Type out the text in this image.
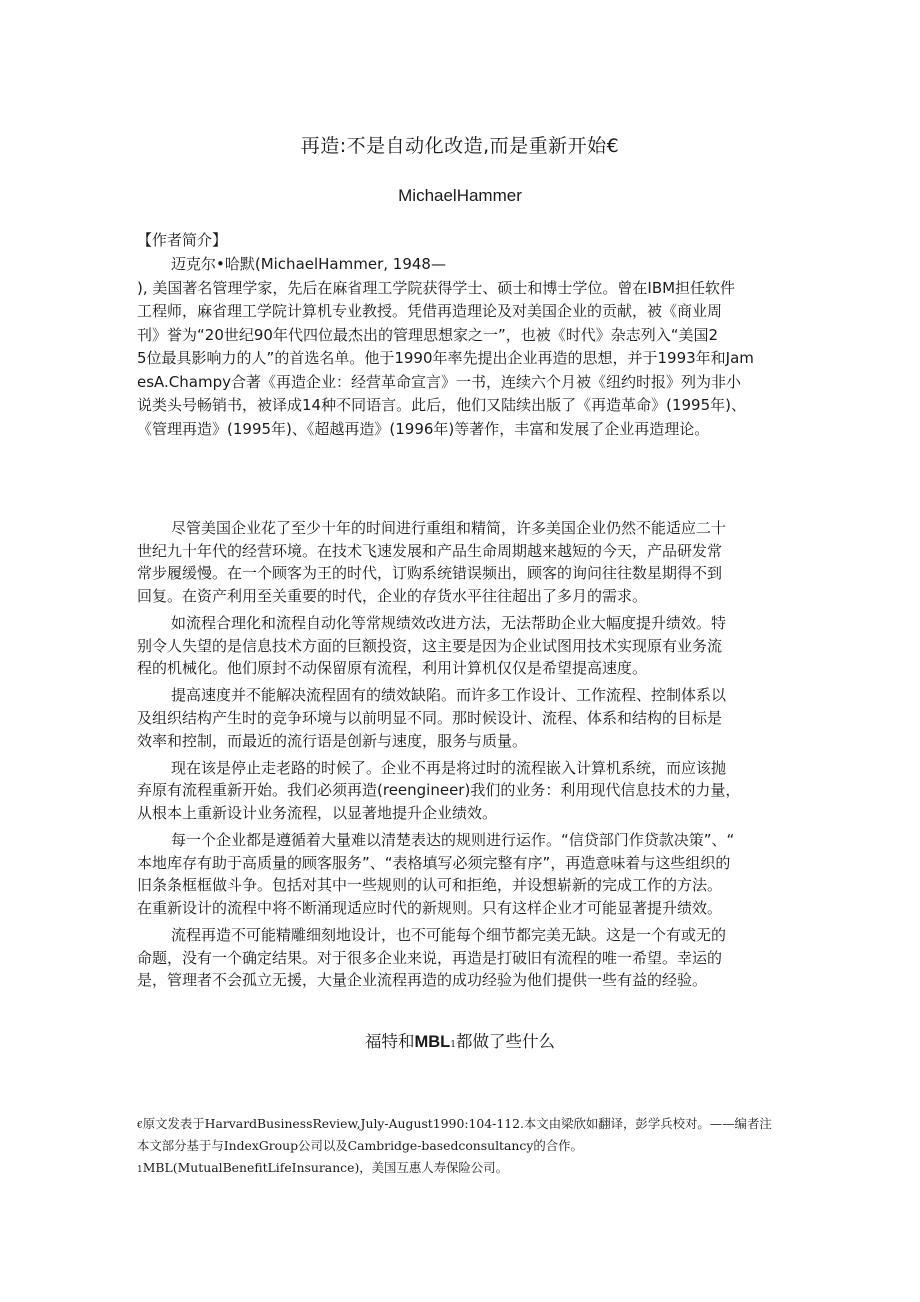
再造:不是自动化改造,而是重新开始€
MichaelHammer
【作者简介】
迈克尔•哈默(MichaelHammer, 1948—
), 美国著名管理学家，先后在麻省理工学院获得学士、硕士和博士学位。曾在IBM担任软件
工程师，麻省理工学院计算机专业教授。凭借再造理论及对美国企业的贡献，被《商业周
刊》誉为“20世纪90年代四位最杰出的管理思想家之一”，也被《时代》杂志列入“美国2
5位最具影响力的人”的首选名单。他于1990年率先提出企业再造的思想，并于1993年和Jam
esA.Champy合著《再造企业：经营革命宣言》一书，连续六个月被《纽约时报》列为非小
说类头号畅销书，被译成14种不同语言。此后，他们又陆续出版了《再造革命》(1995年)、
《管理再造》(1995年)、《超越再造》(1996年)等著作，丰富和发展了企业再造理论。
尽管美国企业花了至少十年的时间进行重组和精简，许多美国企业仍然不能适应二十
世纪九十年代的经营环境。在技术飞速发展和产品生命周期越来越短的今天，产品研发常
常步履缓慢。在一个顾客为王的时代，订购系统错误频出，顾客的询问往往数星期得不到
回复。在资产利用至关重要的时代，企业的存货水平往往超出了多月的需求。
如流程合理化和流程自动化等常规绩效改进方法，无法帮助企业大幅度提升绩效。特
别令人失望的是信息技术方面的巨额投资，这主要是因为企业试图用技术实现原有业务流
程的机械化。他们原封不动保留原有流程，利用计算机仅仅是希望提高速度。
提高速度并不能解决流程固有的绩效缺陷。而许多工作设计、工作流程、控制体系以
及组织结构产生时的竞争环境与以前明显不同。那时候设计、流程、体系和结构的目标是
效率和控制，而最近的流行语是创新与速度，服务与质量。
现在该是停止走老路的时候了。企业不再是将过时的流程嵌入计算机系统，而应该抛
弃原有流程重新开始。我们必须再造(reengineer)我们的业务：利用现代信息技术的力量，
从根本上重新设计业务流程，以显著地提升企业绩效。
每一个企业都是遵循着大量难以清楚表达的规则进行运作。“信贷部门作贷款决策”、“
本地库存有助于高质量的顾客服务”、“表格填写必须完整有序”，再造意味着与这些组织的
旧条条框框做斗争。包括对其中一些规则的认可和拒绝，并设想崭新的完成工作的方法。
在重新设计的流程中将不断涌现适应时代的新规则。只有这样企业才可能显著提升绩效。
流程再造不可能精雕细刻地设计，也不可能每个细节都完美无缺。这是一个有或无的
命题，没有一个确定结果。对于很多企业来说，再造是打破旧有流程的唯一希望。幸运的
是，管理者不会孤立无援，大量企业流程再造的成功经验为他们提供一些有益的经验。
福特和MBL1都做了些什么
€原文发表于HarvardBusinessReview,July-August1990:104-112.本文由梁欣如翻译，彭学兵校对。——编者注
本文部分基于与IndexGroup公司以及Cambridge-basedconsultancy的合作。
1MBL(MutualBenefitLifeInsurance)，美国互惠人寿保险公司。
